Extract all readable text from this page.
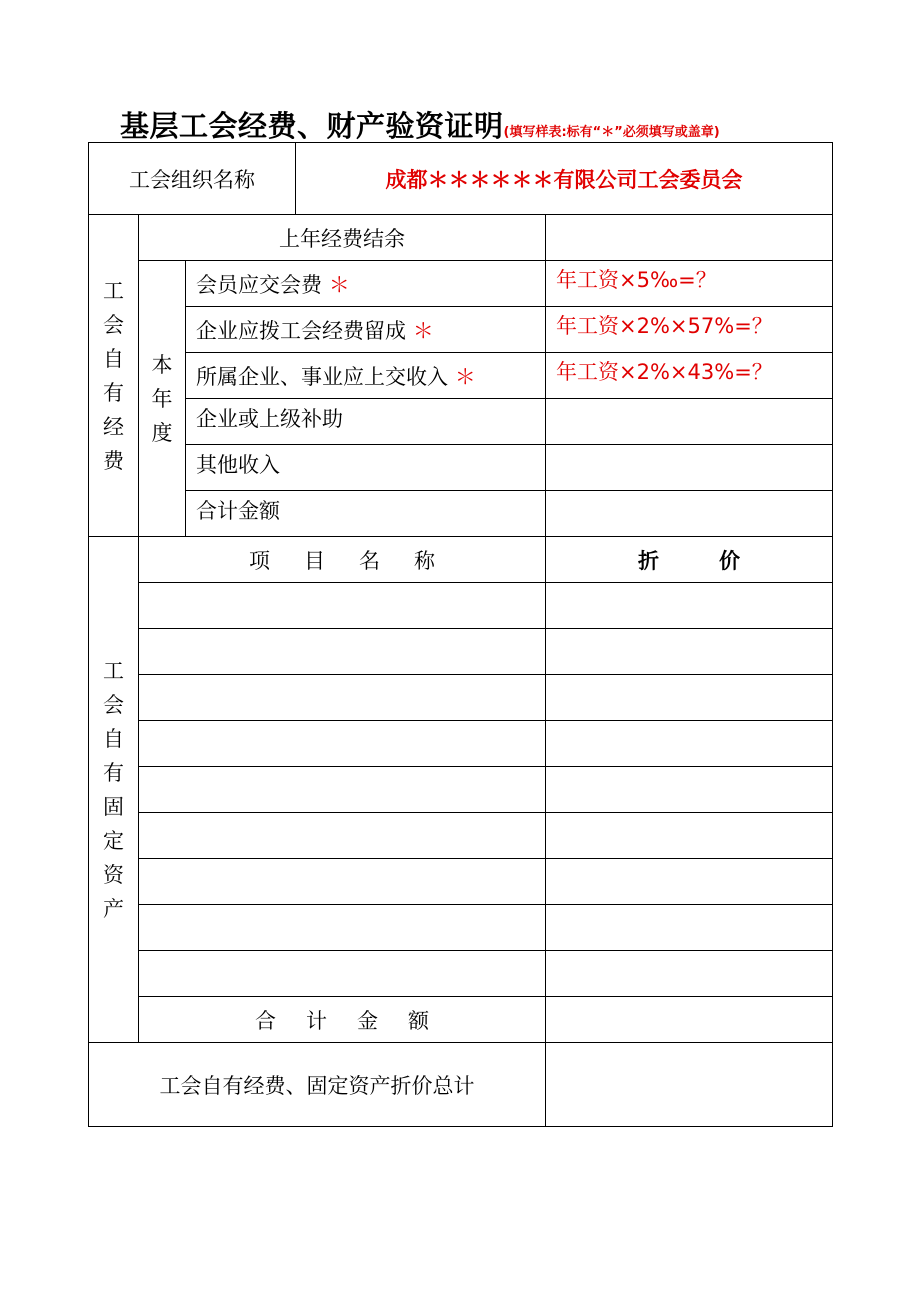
基层工会经费、财产验资证明(填写样表:标有“＊”必须填写或盖章)
工会组织名称			成都＊＊＊＊＊＊有限公司工会委员会	
工会自有经费	上年经费结余			
	本年度	会员应交会费 ＊		年工资×5‰=？
		企业应拨工会经费留成 ＊		年工资×2%×57%=？
		所属企业、事业应上交收入 ＊		年工资×2%×43%=？
		企业或上级补助		
		其他收入		
		合计金额		
工会自有固定资产	项目名称			折价

	合计金额			
工会自有经费、固定资产折价总计				
